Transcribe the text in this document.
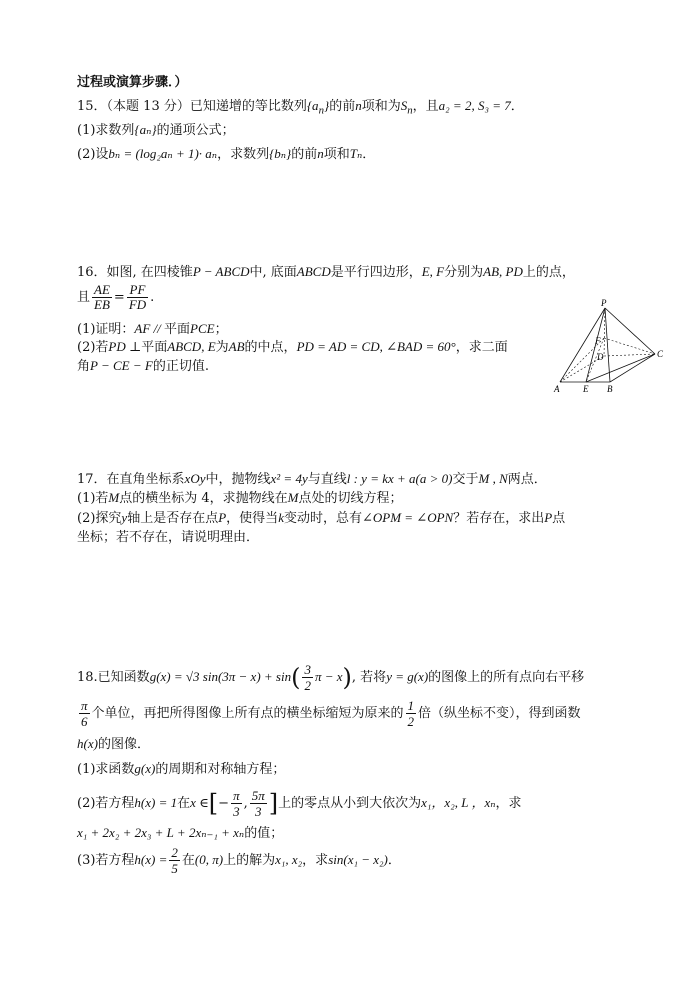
过程或演算步骤．）
15．（本题 13 分）已知递增的等比数列$\{a_n\}$的前n项和为$S_n$，且a₂ = 2, S₃ = 7．
(1)求数列{aₙ}的通项公式；
(2)设bₙ = (log₂aₙ + 1)· aₙ，求数列{bₙ}的前n项和Tₙ．
16．如图, 在四棱锥P − ABCD中, 底面ABCD是平行四边形，E, F分别为AB, PD上的点，
且 $\frac{AE}{EB} = \frac{PF}{FD}$ .
(1)证明：AF // 平面PCE；
(2)若PD ⊥平面ABCD, E为AB的中点，PD = AD = CD, ∠BAD = 60°，求二面
角P − CE − F的正切值.
P
A	E B
C
D
F
17．在直角坐标系xOy中，抛物线x² = 4y与直线l : y = kx + a(a > 0)交于M , N两点．
(1)若M点的横坐标为 4，求抛物线在M点处的切线方程；
(2)探究y轴上是否存在点P，使得当k变动时，总有∠OPM = ∠OPN？若存在，求出P点
坐标；若不存在，请说明理由．
18.已知函数g(x) = √3 $\sin(3\pi - x) + \sin( \frac{3}{2}$ π − x), 若将y = g(x)的图像上的所有点向右平移
$\frac{\pi}{6}$ 个单位，再把所得图像上所有点的横坐标缩短为原来的 $\frac{1}{2}$ 倍（纵坐标不变），得到函数
h(x)的图像．
(1)求函数g(x)的周期和对称轴方程；
(2)若方程h(x) = 1在x ∈[− $\frac{\pi}{3}$ , $\frac{5\pi}{3}$]上的零点从小到大依次为x₁，x₂, L ，xₙ，求
x₁ + 2x₂ + 2x₃ + L + 2xₙ₋₁ + xₙ的值；
(3)若方程$h(x) = \frac{2}{5}$ 在(0, π)上的解为x₁, x₂，求sin(x₁ − x₂)．
